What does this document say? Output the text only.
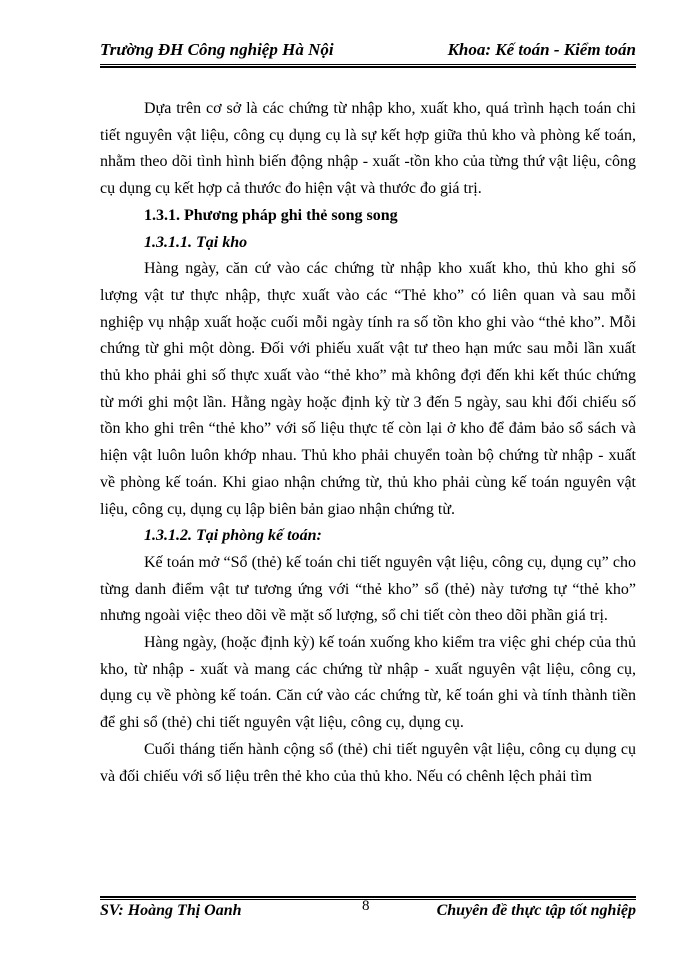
Trường ĐH Công nghiệp Hà Nội	Khoa: Kế toán - Kiểm toán

Dựa trên cơ sở là các chứng từ nhập kho, xuất kho, quá trình hạch toán chi tiết nguyên vật liệu, công cụ dụng cụ là sự kết hợp giữa thủ kho và phòng kế toán, nhằm theo dõi tình hình biến động nhập - xuất -tồn kho của từng thứ vật liệu, công cụ dụng cụ kết hợp cả thước đo hiện vật và thước đo giá trị.

1.3.1. Phương pháp ghi thẻ song song
1.3.1.1. Tại kho

Hàng ngày, căn cứ vào các chứng từ nhập kho xuất kho, thủ kho ghi số lượng vật tư thực nhập, thực xuất vào các “Thẻ kho” có liên quan và sau mỗi nghiệp vụ nhập xuất hoặc cuối mỗi ngày tính ra số tồn kho ghi vào “thẻ kho”. Mỗi chứng từ ghi một dòng. Đối với phiếu xuất vật tư theo hạn mức sau mỗi lần xuất thủ kho phải ghi số thực xuất vào “thẻ kho” mà không đợi đến khi kết thúc chứng từ mới ghi một lần. Hằng ngày hoặc định kỳ từ 3 đến 5 ngày, sau khi đối chiếu số tồn kho ghi trên “thẻ kho” với số liệu thực tế còn lại ở kho để đảm bảo sổ sách và hiện vật luôn luôn khớp nhau. Thủ kho phải chuyển toàn bộ chứng từ nhập - xuất về phòng kế toán. Khi giao nhận chứng từ, thủ kho phải cùng kế toán nguyên vật liệu, công cụ, dụng cụ lập biên bản giao nhận chứng từ.

1.3.1.2. Tại phòng kế toán:

Kế toán mở “Sổ (thẻ) kế toán chi tiết nguyên vật liệu, công cụ, dụng cụ” cho từng danh điểm vật tư tương ứng với “thẻ kho” sổ (thẻ) này tương tự “thẻ kho” nhưng ngoài việc theo dõi về mặt số lượng, sổ chi tiết còn theo dõi phần giá trị.

Hàng ngày, (hoặc định kỳ) kế toán xuống kho kiểm tra việc ghi chép của thủ kho, từ nhập - xuất và mang các chứng từ nhập - xuất nguyên vật liệu, công cụ, dụng cụ về phòng kế toán. Căn cứ vào các chứng từ, kế toán ghi và tính thành tiền để ghi sổ (thẻ) chi tiết nguyên vật liệu, công cụ, dụng cụ.

Cuối tháng tiến hành cộng sổ (thẻ) chi tiết nguyên vật liệu, công cụ dụng cụ và đối chiếu với số liệu trên thẻ kho của thủ kho. Nếu có chênh lệch phải tìm

SV: Hoàng Thị Oanh	8	Chuyên đề thực tập tốt nghiệp
